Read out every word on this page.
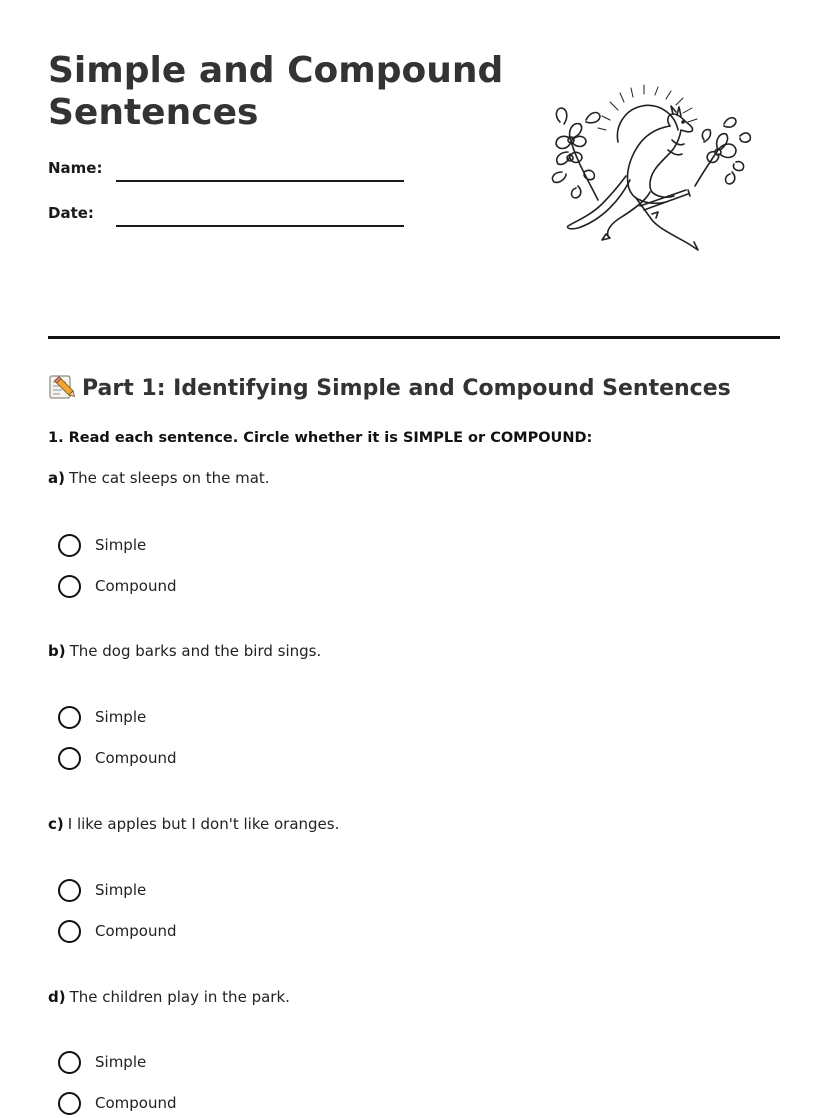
Simple and Compound Sentences
Name:
Date:
Part 1: Identifying Simple and Compound Sentences

1. Read each sentence. Circle whether it is SIMPLE or COMPOUND:

a) The cat sleeps on the mat.
Simple
Compound
b) The dog barks and the bird sings.
Simple
Compound
c) I like apples but I don't like oranges.
Simple
Compound
d) The children play in the park.
Simple
Compound
